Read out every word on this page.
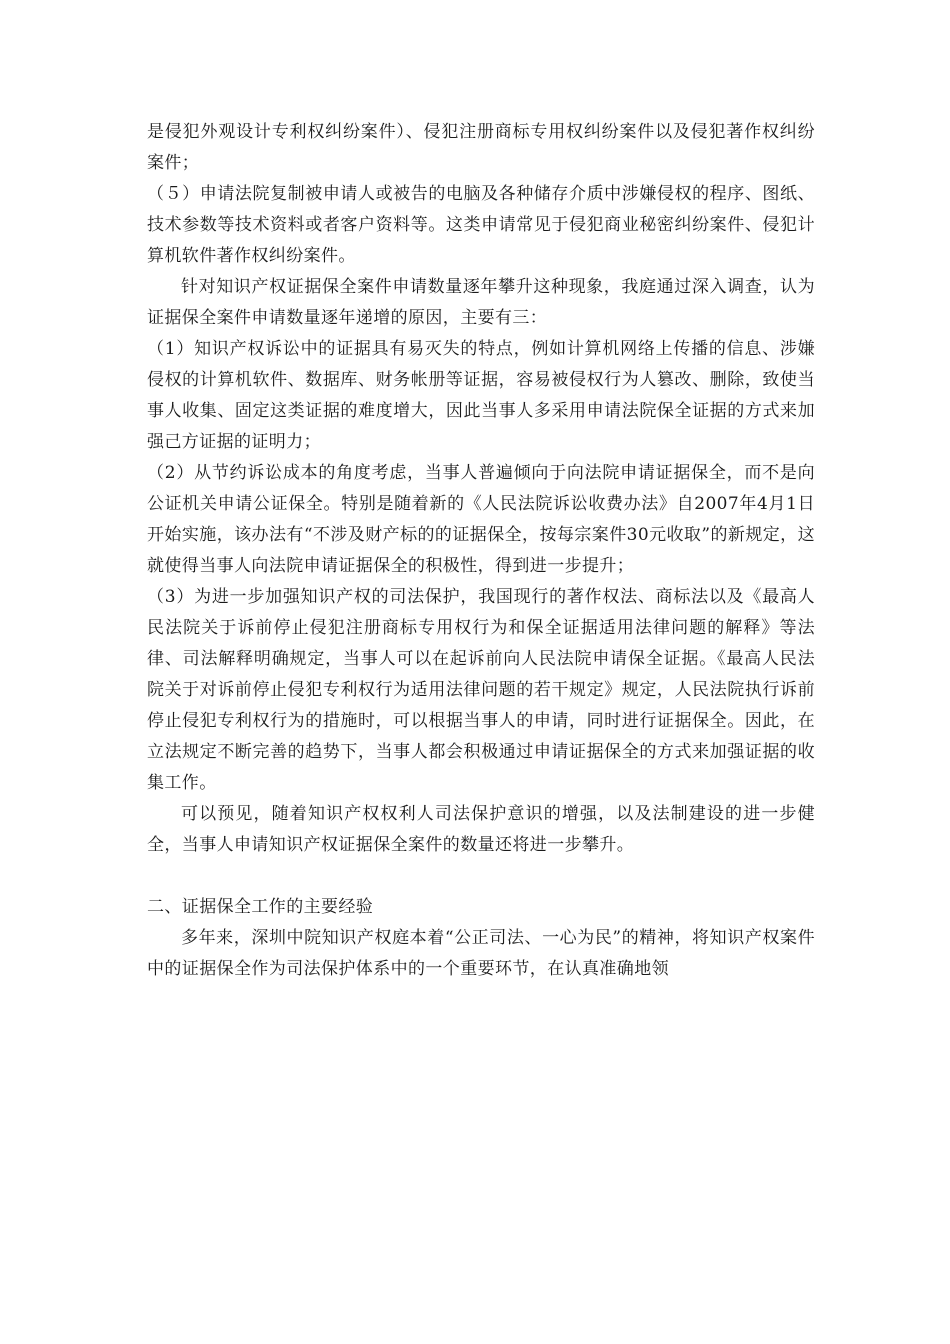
是侵犯外观设计专利权纠纷案件）、侵犯注册商标专用权纠纷案件以及侵犯著作权纠纷案件；

（５）申请法院复制被申请人或被告的电脑及各种储存介质中涉嫌侵权的程序、图纸、技术参数等技术资料或者客户资料等。这类申请常见于侵犯商业秘密纠纷案件、侵犯计算机软件著作权纠纷案件。

针对知识产权证据保全案件申请数量逐年攀升这种现象，我庭通过深入调查，认为证据保全案件申请数量逐年递增的原因，主要有三：

（1）知识产权诉讼中的证据具有易灭失的特点，例如计算机网络上传播的信息、涉嫌侵权的计算机软件、数据库、财务帐册等证据，容易被侵权行为人篡改、删除，致使当事人收集、固定这类证据的难度增大，因此当事人多采用申请法院保全证据的方式来加强己方证据的证明力；

（2）从节约诉讼成本的角度考虑，当事人普遍倾向于向法院申请证据保全，而不是向公证机关申请公证保全。特别是随着新的《人民法院诉讼收费办法》自2007年4月1日开始实施，该办法有“不涉及财产标的的证据保全，按每宗案件30元收取”的新规定，这就使得当事人向法院申请证据保全的积极性，得到进一步提升；

（3）为进一步加强知识产权的司法保护，我国现行的著作权法、商标法以及《最高人民法院关于诉前停止侵犯注册商标专用权行为和保全证据适用法律问题的解释》等法律、司法解释明确规定，当事人可以在起诉前向人民法院申请保全证据。《最高人民法院关于对诉前停止侵犯专利权行为适用法律问题的若干规定》规定，人民法院执行诉前停止侵犯专利权行为的措施时，可以根据当事人的申请，同时进行证据保全。因此，在立法规定不断完善的趋势下，当事人都会积极通过申请证据保全的方式来加强证据的收集工作。

可以预见，随着知识产权权利人司法保护意识的增强，以及法制建设的进一步健全，当事人申请知识产权证据保全案件的数量还将进一步攀升。

二、证据保全工作的主要经验

多年来，深圳中院知识产权庭本着“公正司法、一心为民”的精神，将知识产权案件中的证据保全作为司法保护体系中的一个重要环节，在认真准确地领
